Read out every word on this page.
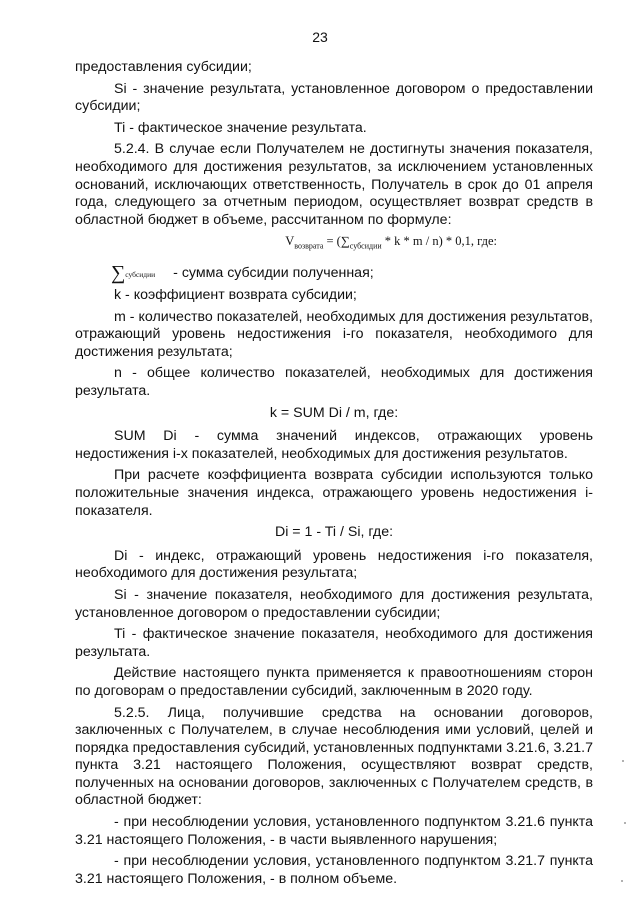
23

предоставления субсидии;

Si - значение результата, установленное договором о предоставлении субсидии;

Ti - фактическое значение результата.

5.2.4. В случае если Получателем не достигнуты значения показателя, необходимого для достижения результатов, за исключением установленных оснований, исключающих ответственность, Получатель в срок до 01 апреля года, следующего за отчетным периодом, осуществляет возврат средств в областной бюджет в объеме, рассчитанном по формуле:

$V_{возврата} = (\sum_{субсидии} * k * m / n) * 0,1$, где:

∑субсидии - сумма субсидии полученная;

k - коэффициент возврата субсидии;

m - количество показателей, необходимых для достижения результатов, отражающий уровень недостижения i-го показателя, необходимого для достижения результата;

n - общее количество показателей, необходимых для достижения результата.

k = SUM Di / m, где:

SUM Di - сумма значений индексов, отражающих уровень недостижения i-х показателей, необходимых для достижения результатов.

При расчете коэффициента возврата субсидии используются только положительные значения индекса, отражающего уровень недостижения i-показателя.

Di = 1 - Ti / Si, где:

Di - индекс, отражающий уровень недостижения i-го показателя, необходимого для достижения результата;

Si - значение показателя, необходимого для достижения результата, установленное договором о предоставлении субсидии;

Ti - фактическое значение показателя, необходимого для достижения результата.

Действие настоящего пункта применяется к правоотношениям сторон по договорам о предоставлении субсидий, заключенным в 2020 году.

5.2.5. Лица, получившие средства на основании договоров, заключенных с Получателем, в случае несоблюдения ими условий, целей и порядка предоставления субсидий, установленных подпунктами 3.21.6, 3.21.7 пункта 3.21 настоящего Положения, осуществляют возврат средств, полученных на основании договоров, заключенных с Получателем средств, в областной бюджет:

- при несоблюдении условия, установленного подпунктом 3.21.6 пункта 3.21 настоящего Положения, - в части выявленного нарушения;

- при несоблюдении условия, установленного подпунктом 3.21.7 пункта 3.21 настоящего Положения, - в полном объеме.
